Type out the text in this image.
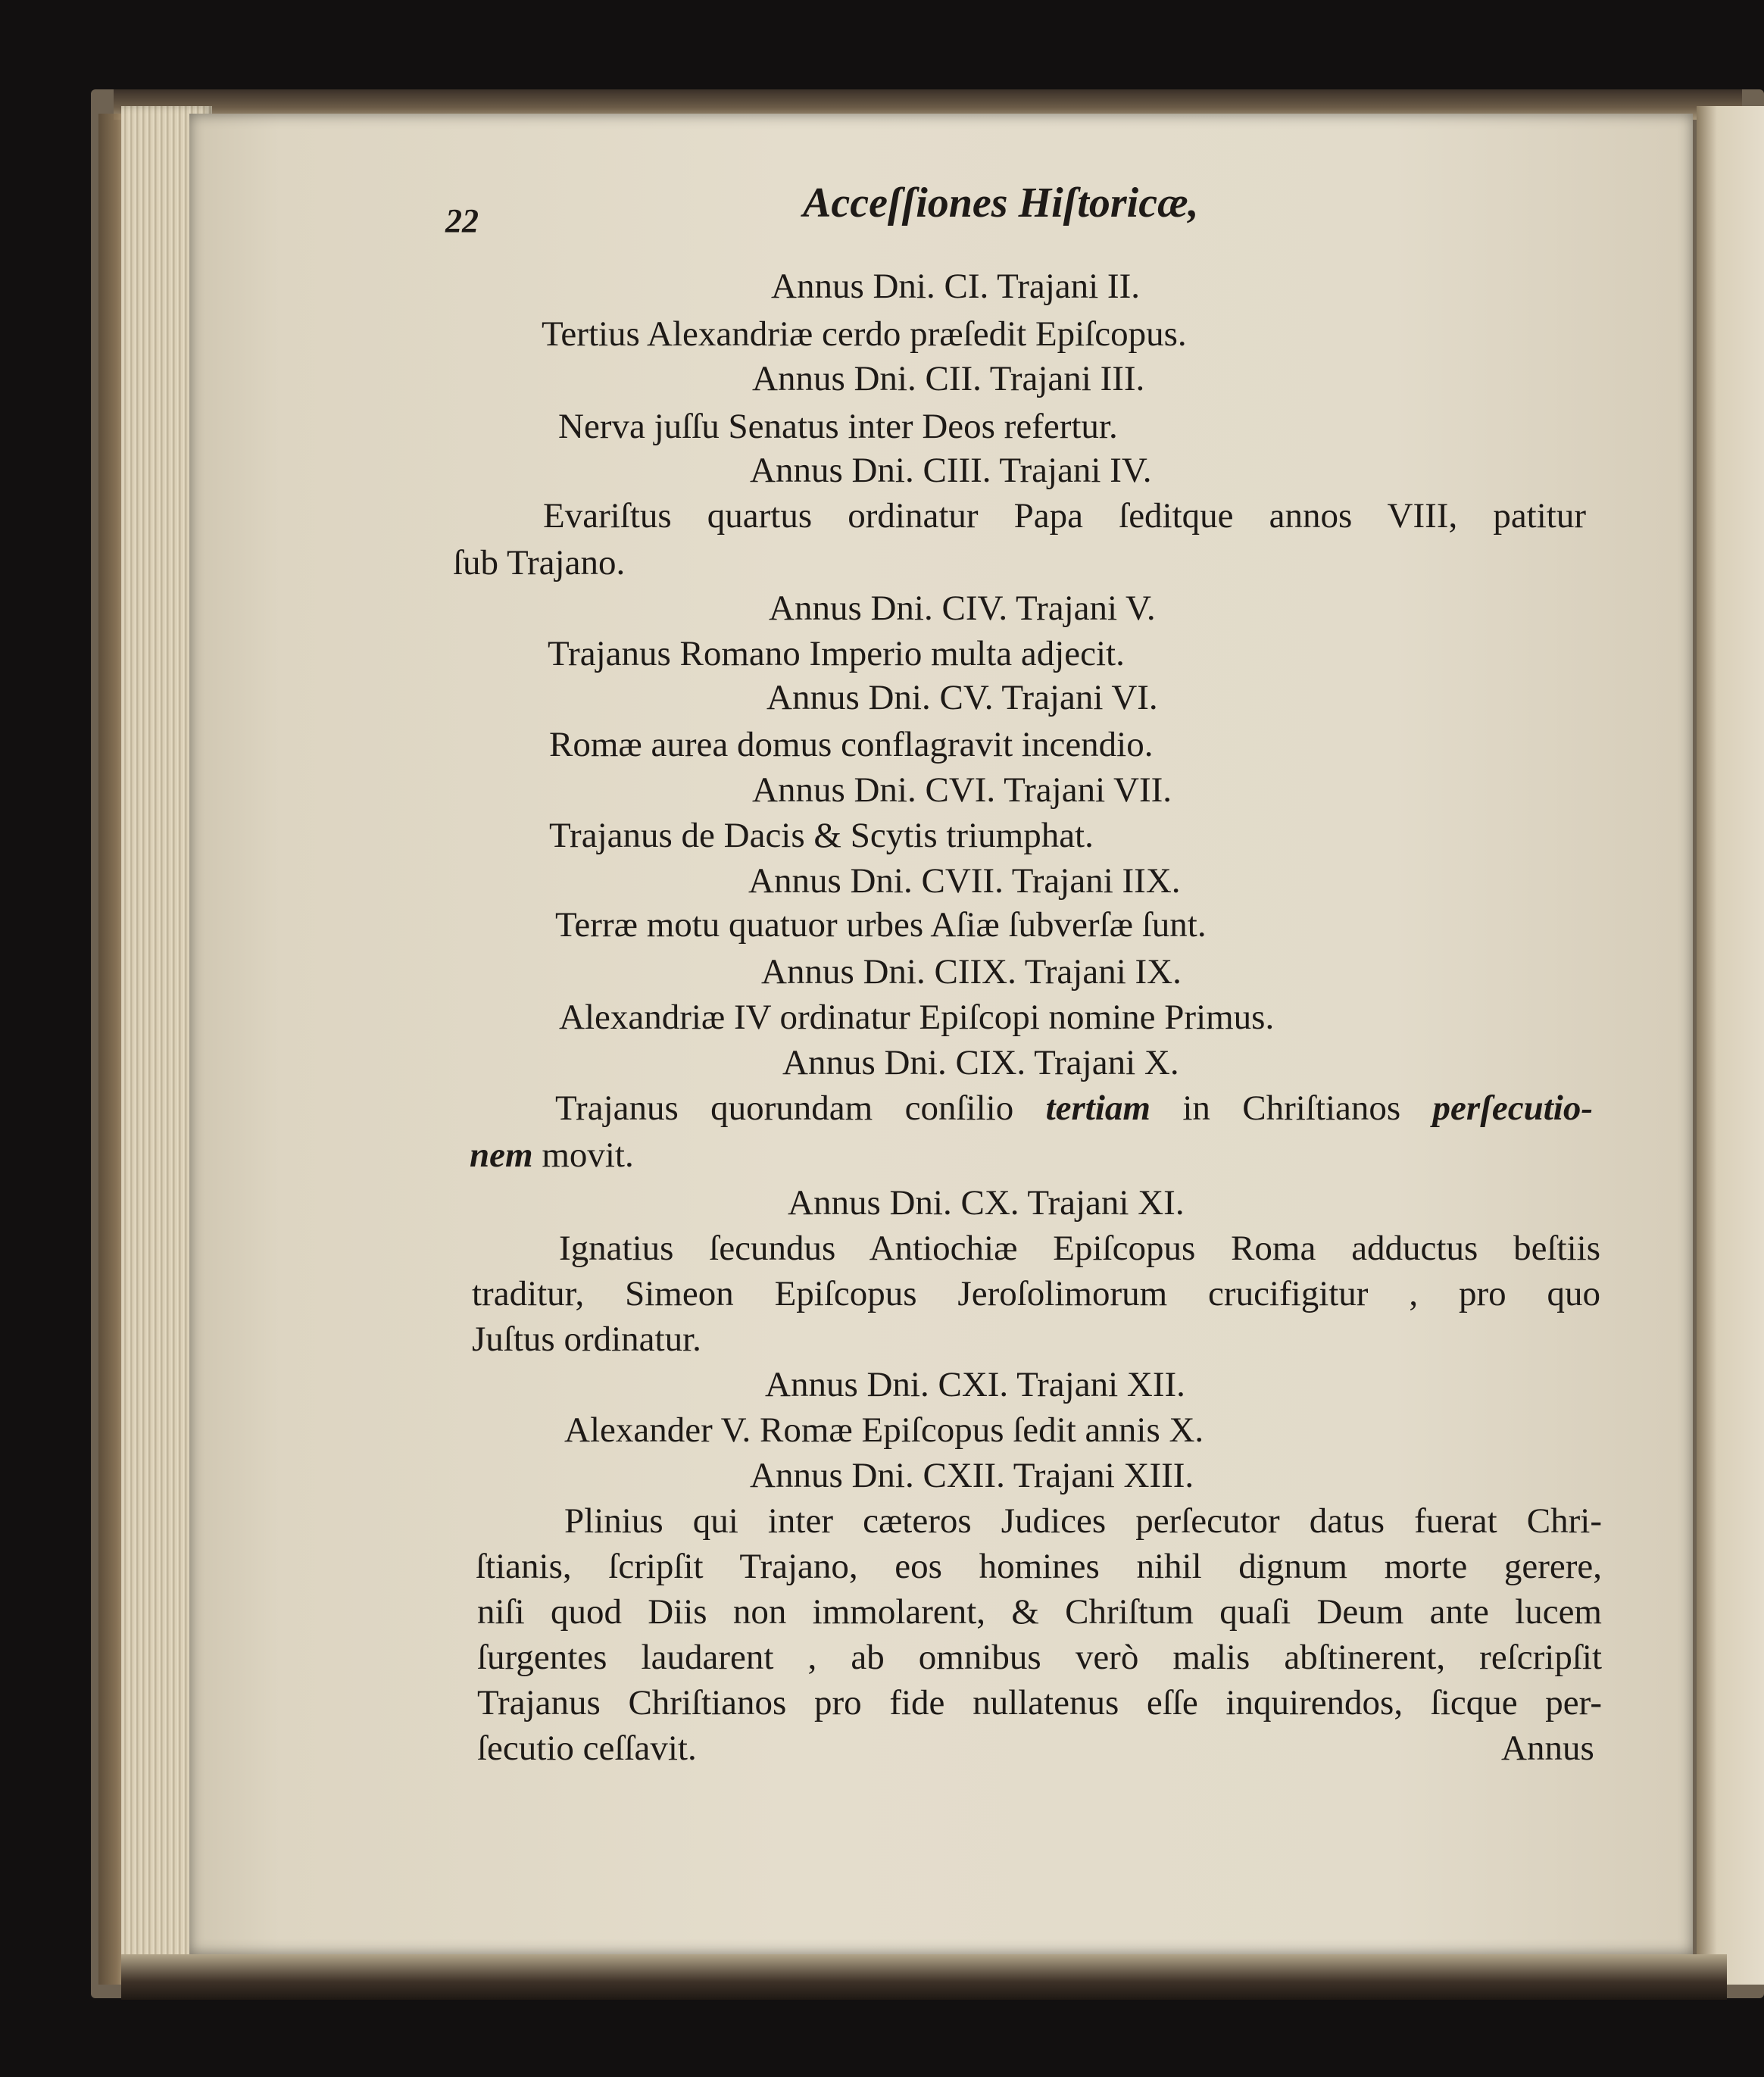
22	Acceſſiones Hiſtoricæ,
Annus Dni. CI. Trajani II.
Tertius Alexandriæ cerdo præſedit Epiſcopus.
Annus Dni. CII. Trajani III.
Nerva juſſu Senatus inter Deos refertur.
Annus Dni. CIII. Trajani IV.
Evariſtus quartus ordinatur Papa ſeditque annos VIII, patitur
ſub Trajano.
Annus Dni. CIV. Trajani V.
Trajanus Romano Imperio multa adjecit.
Annus Dni. CV. Trajani VI.
Romæ aurea domus conflagravit incendio.
Annus Dni. CVI. Trajani VII.
Trajanus de Dacis & Scytis triumphat.
Annus Dni. CVII. Trajani IIX.
Terræ motu quatuor urbes Aſiæ ſubverſæ ſunt.
Annus Dni. CIIX. Trajani IX.
Alexandriæ IV ordinatur Epiſcopi nomine Primus.
Annus Dni. CIX. Trajani X.
Trajanus quorundam conſilio tertiam in Chriſtianos perſecutio-
nem movit.
Annus Dni. CX. Trajani XI.
Ignatius ſecundus Antiochiæ Epiſcopus Roma adductus beſtiis
traditur, Simeon Epiſcopus Jeroſolimorum crucifigitur , pro quo
Juſtus ordinatur.
Annus Dni. CXI. Trajani XII.
Alexander V. Romæ Epiſcopus ſedit annis X.
Annus Dni. CXII. Trajani XIII.
Plinius qui inter cæteros Judices perſecutor datus fuerat Chri-
ſtianis, ſcripſit Trajano, eos homines nihil dignum morte gerere,
niſi quod Diis non immolarent, & Chriſtum quaſi Deum ante lucem
ſurgentes laudarent , ab omnibus verò malis abſtinerent, reſcripſit
Trajanus Chriſtianos pro fide nullatenus eſſe inquirendos, ſicque per-
ſecutio ceſſavit.	Annus
